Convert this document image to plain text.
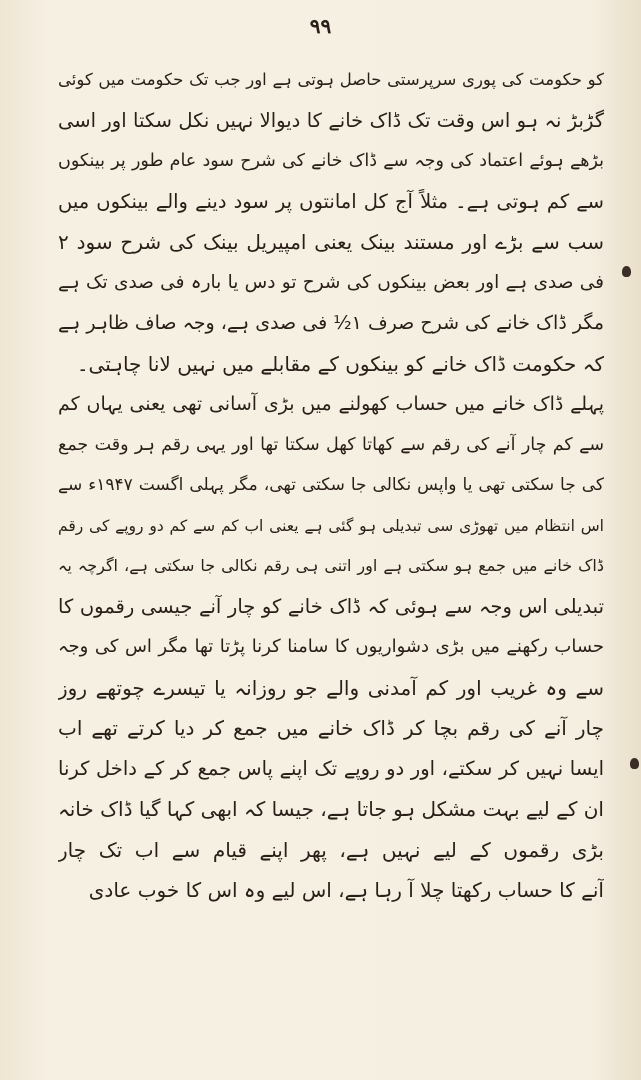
۹۹
کو حکومت کی پوری سرپرستی حاصل ہوتی ہے اور جب تک حکومت میں کوئی
گڑبڑ نہ ہو اس وقت تک ڈاک خانے کا دیوالا نہیں نکل سکتا اور اسی
بڑھے ہوئے اعتماد کی وجہ سے ڈاک خانے کی شرح سود عام طور پر بینکوں
سے کم ہوتی ہے۔ مثلاً آج کل امانتوں پر سود دینے والے بینکوں میں
سب سے بڑے اور مستند بینک یعنی امپیریل بینک کی شرح سود ۲
فی صدی ہے اور بعض بینکوں کی شرح تو دس یا بارہ فی صدی تک ہے
مگر ڈاک خانے کی شرح صرف ۱½ فی صدی ہے، وجہ صاف ظاہر ہے
کہ حکومت ڈاک خانے کو بینکوں کے مقابلے میں نہیں لانا چاہتی۔
پہلے ڈاک خانے میں حساب کھولنے میں بڑی آسانی تھی یعنی یہاں کم
سے کم چار آنے کی رقم سے کھاتا کھل سکتا تھا اور یہی رقم ہر وقت جمع
کی جا سکتی تھی یا واپس نکالی جا سکتی تھی، مگر پہلی اگست ۱۹۴۷ء سے
اس انتظام میں تھوڑی سی تبدیلی ہو گئی ہے یعنی اب کم سے کم دو روپے کی رقم
ڈاک خانے میں جمع ہو سکتی ہے اور اتنی ہی رقم نکالی جا سکتی ہے، اگرچہ یہ
تبدیلی اس وجہ سے ہوئی کہ ڈاک خانے کو چار آنے جیسی رقموں کا
حساب رکھنے میں بڑی دشواریوں کا سامنا کرنا پڑتا تھا مگر اس کی وجہ
سے وہ غریب اور کم آمدنی والے جو روزانہ یا تیسرے چوتھے روز
چار آنے کی رقم بچا کر ڈاک خانے میں جمع کر دیا کرتے تھے اب
ایسا نہیں کر سکتے، اور دو روپے تک اپنے پاس جمع کر کے داخل کرنا
ان کے لیے بہت مشکل ہو جاتا ہے، جیسا کہ ابھی کہا گیا ڈاک خانہ
بڑی رقموں کے لیے نہیں ہے، پھر اپنے قیام سے اب تک چار
آنے کا حساب رکھتا چلا آ رہا ہے، اس لیے وہ اس کا خوب عادی
